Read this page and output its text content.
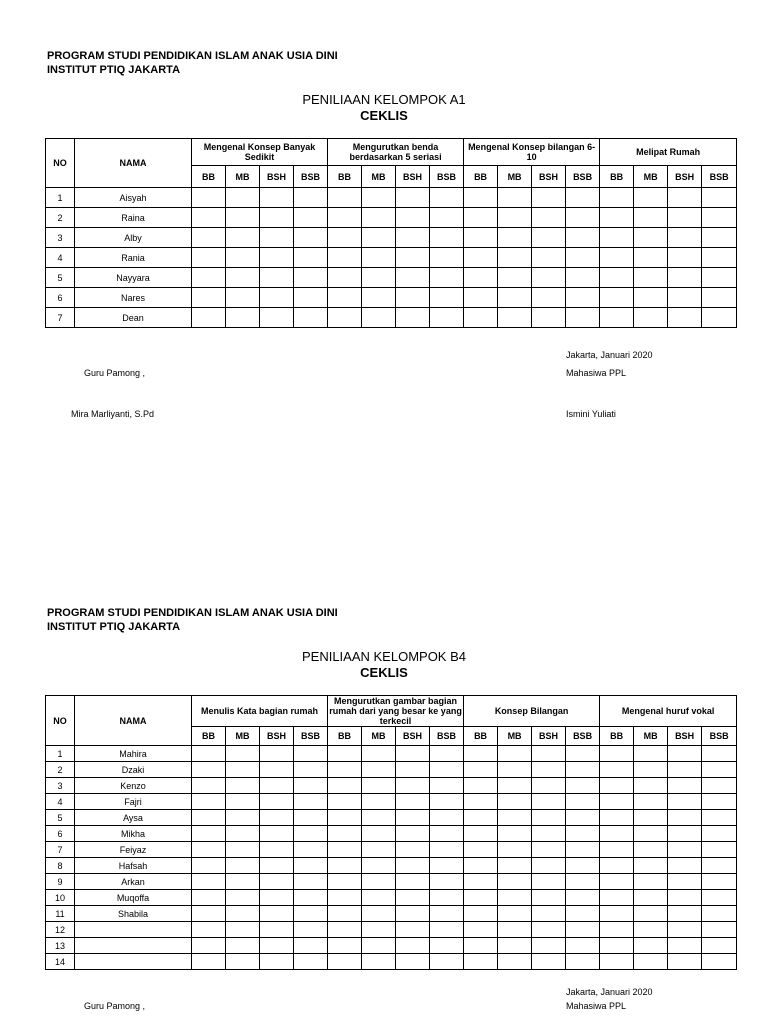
PROGRAM STUDI PENDIDIKAN ISLAM ANAK USIA DINI
INSTITUT PTIQ JAKARTA
PENILIAAN KELOMPOK A1
CEKLIS
NO	NAMA	Mengenal Konsep Banyak Sedikit				Mengurutkan benda berdasarkan 5 seriasi				Mengenal Konsep bilangan 6-10				Melipat Rumah			
		BB	MB	BSH	BSB	BB	MB	BSH	BSB	BB	MB	BSH	BSB	BB	MB	BSH	BSB
1	Aisyah																
2	Raina																
3	Alby																
4	Rania																
5	Nayyara																
6	Nares																
7	Dean																
Jakarta, Januari 2020
Guru Pamong ,	Mahasiwa PPL
Mira Marliyanti, S.Pd	Ismini Yuliati
PROGRAM STUDI PENDIDIKAN ISLAM ANAK USIA DINI
INSTITUT PTIQ JAKARTA
PENILIAAN KELOMPOK B4
CEKLIS
NO	NAMA	Menulis Kata bagian rumah				Mengurutkan gambar bagian rumah dari yang besar ke yang terkecil				Konsep Bilangan				Mengenal huruf vokal			
		BB	MB	BSH	BSB	BB	MB	BSH	BSB	BB	MB	BSH	BSB	BB	MB	BSH	BSB
1	Mahira																
2	Dzaki																
3	Kenzo																
4	Fajri																
5	Aysa																
6	Mikha																
7	Feiyaz																
8	Hafsah																
9	Arkan																
10	Muqoffa																
11	Shabila																
12																	
13																	
14																	
Jakarta, Januari 2020
Guru Pamong ,	Mahasiwa PPL
